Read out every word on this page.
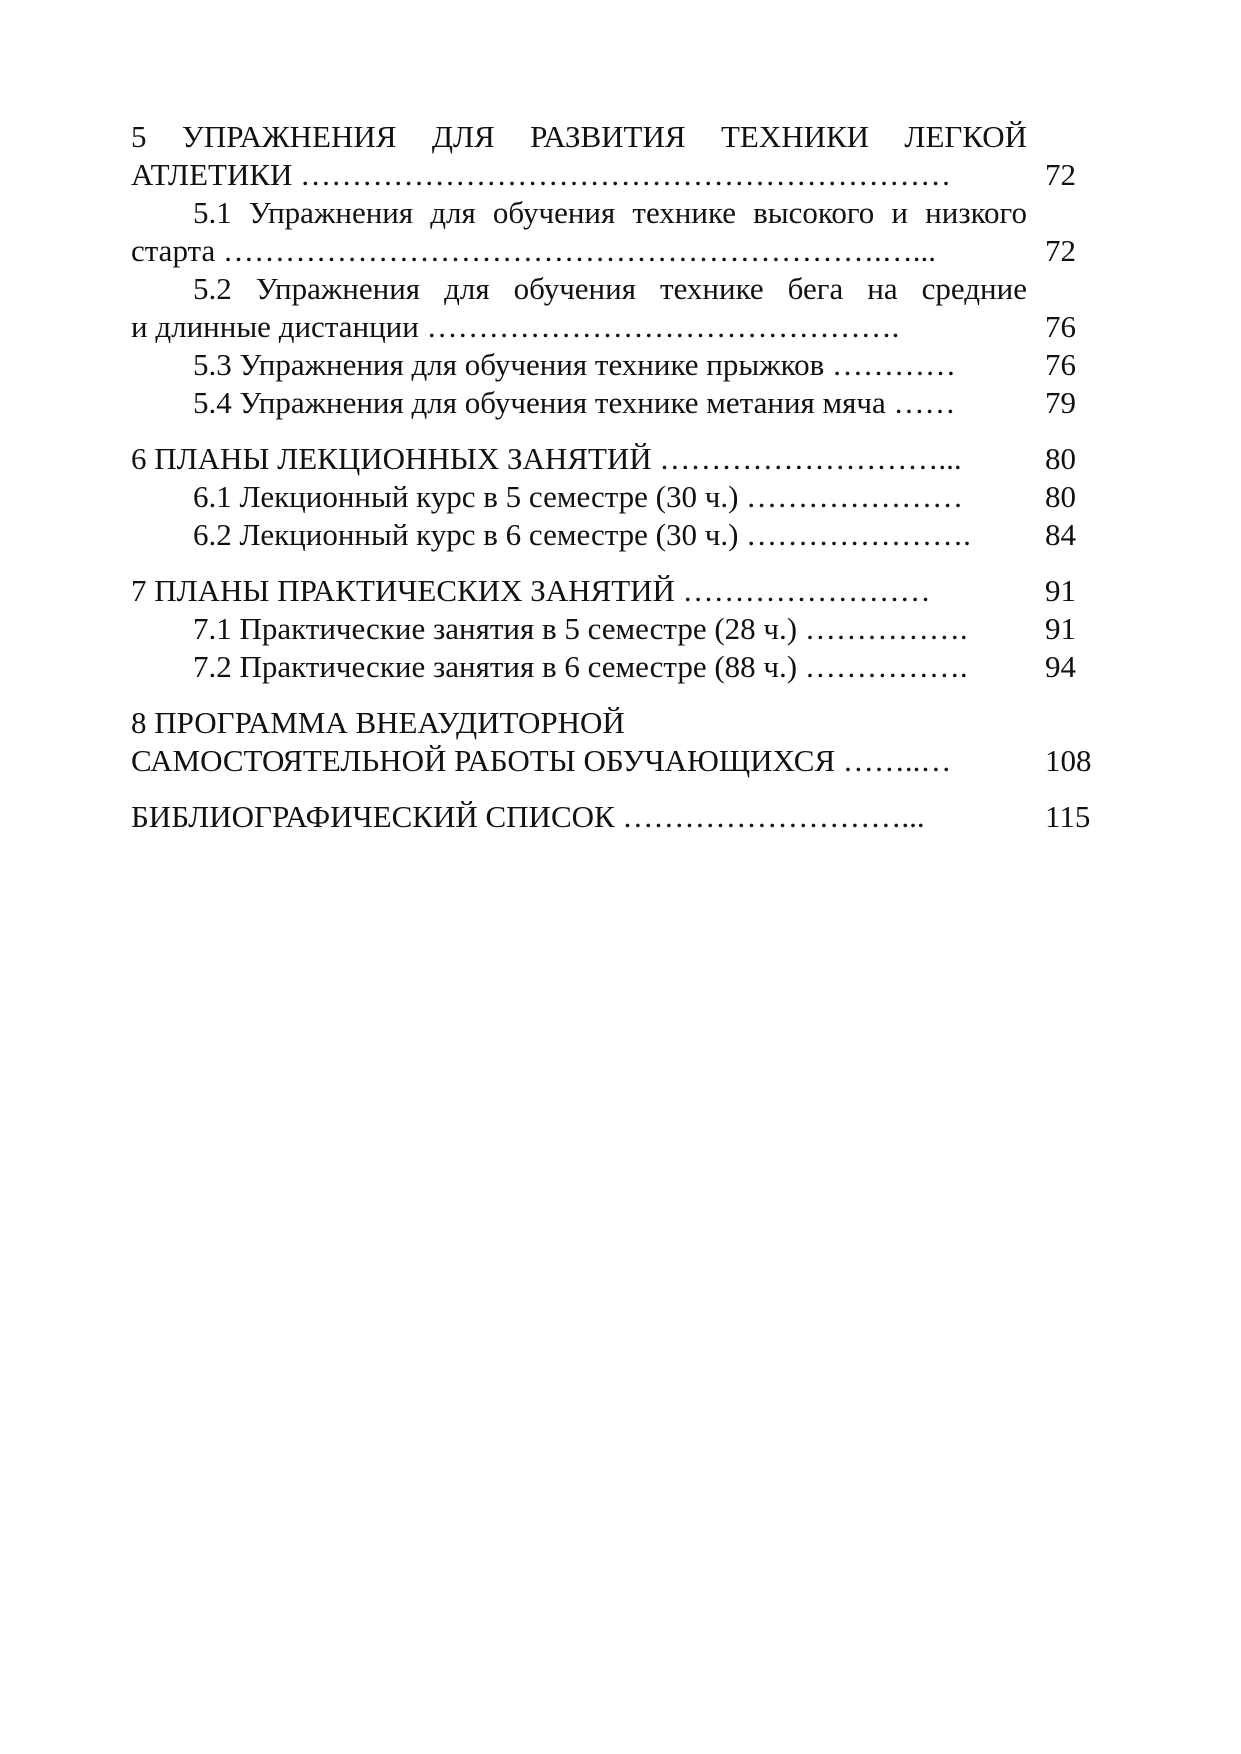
5 УПРАЖНЕНИЯ ДЛЯ РАЗВИТИЯ ТЕХНИКИ ЛЕГКОЙ
АТЛЕТИКИ ………………………………………………………	72
5.1 Упражнения для обучения технике высокого и низкого
старта ……………………………………………………….…...	72
5.2 Упражнения для обучения технике бега на средние
и длинные дистанции ……………………………………….	76
5.3 Упражнения для обучения технике прыжков …………	76
5.4 Упражнения для обучения технике метания мяча ……	79
6 ПЛАНЫ ЛЕКЦИОННЫХ ЗАНЯТИЙ ………………………...	80
6.1 Лекционный курс в 5 семестре (30 ч.) …………………	80
6.2 Лекционный курс в 6 семестре (30 ч.) ………………….	84
7 ПЛАНЫ ПРАКТИЧЕСКИХ ЗАНЯТИЙ ……………………	91
7.1 Практические занятия в 5 семестре (28 ч.) …………….	91
7.2 Практические занятия в 6 семестре (88 ч.) …………….	94
8 ПРОГРАММА ВНЕАУДИТОРНОЙ
САМОСТОЯТЕЛЬНОЙ РАБОТЫ ОБУЧАЮЩИХСЯ ……..…	108
БИБЛИОГРАФИЧЕСКИЙ СПИСОК ………………………...	115
